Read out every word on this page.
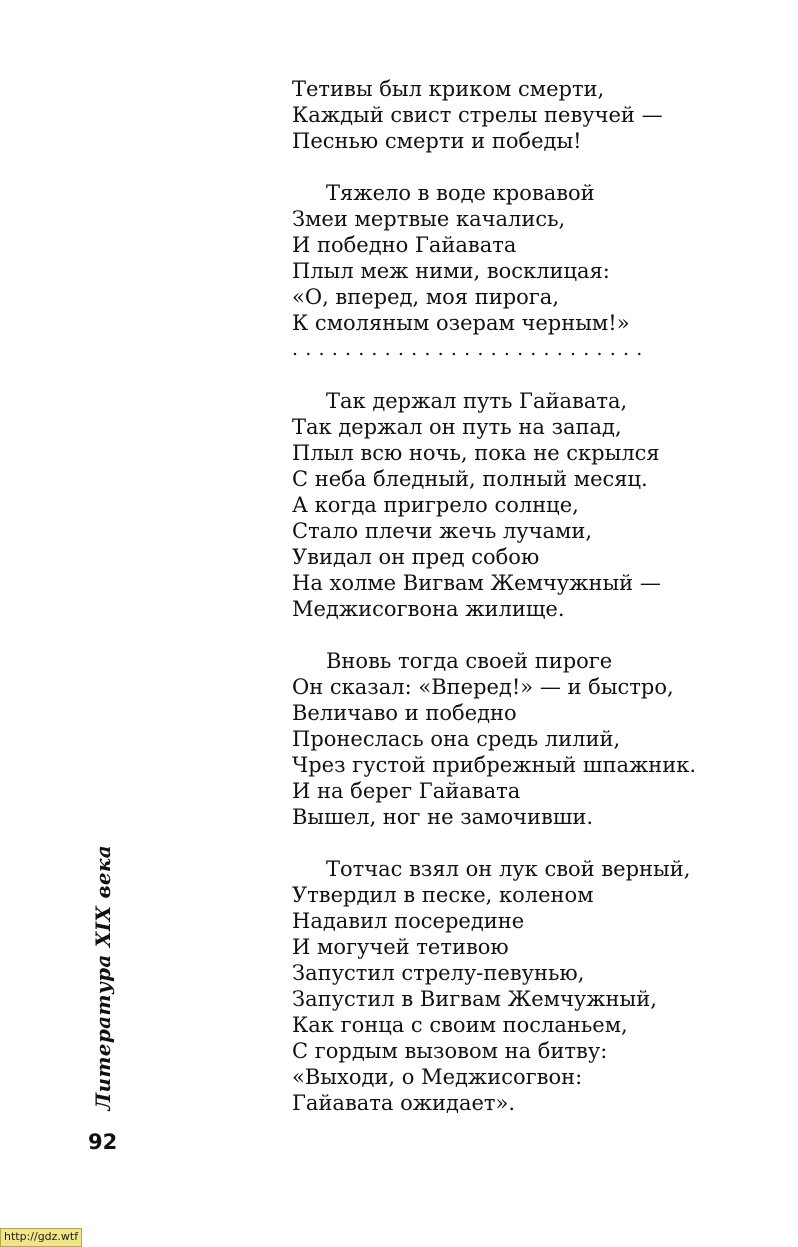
Тетивы был криком смерти,
Каждый свист стрелы певучей —
Песнью смерти и победы!
Тяжело в воде кровавой
Змеи мертвые качались,
И победно Гайавата
Плыл меж ними, восклицая:
«О, вперед, моя пирога,
К смоляным озерам черным!»
...........................
Так держал путь Гайавата,
Так держал он путь на запад,
Плыл всю ночь, пока не скрылся
С неба бледный, полный месяц.
А когда пригрело солнце,
Стало плечи жечь лучами,
Увидал он пред собою
На холме Вигвам Жемчужный —
Меджисогвона жилище.
Вновь тогда своей пироге
Он сказал: «Вперед!» — и быстро,
Величаво и победно
Пронеслась она средь лилий,
Чрез густой прибрежный шпажник.
И на берег Гайавата
Вышел, ног не замочивши.
Тотчас взял он лук свой верный,
Утвердил в песке, коленом
Надавил посередине
И могучей тетивою
Запустил стрелу-певунью,
Запустил в Вигвам Жемчужный,
Как гонца с своим посланьем,
С гордым вызовом на битву:
«Выходи, о Меджисогвон:
Гайавата ожидает».
Литература XIX века
92
http://gdz.wtf
